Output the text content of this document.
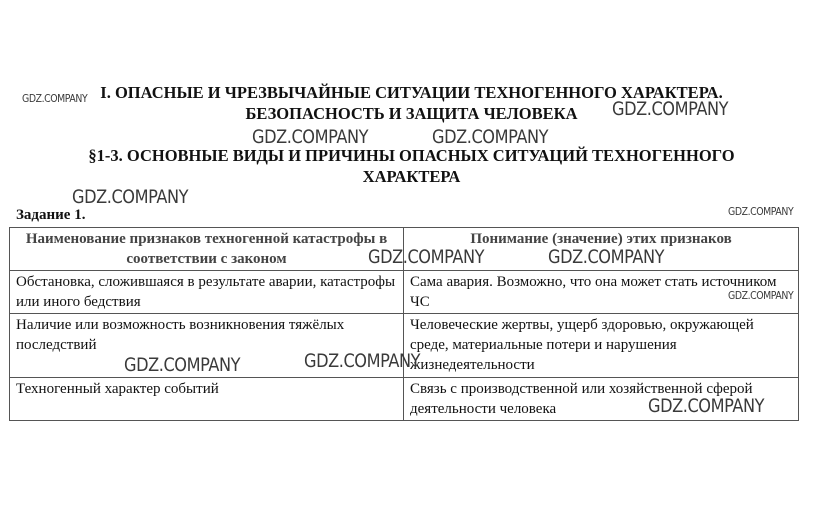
I. ОПАСНЫЕ И ЧРЕЗВЫЧАЙНЫЕ СИТУАЦИИ ТЕХНОГЕННОГО ХАРАКТЕРА.
БЕЗОПАСНОСТЬ И ЗАЩИТА ЧЕЛОВЕКА
§1-3. ОСНОВНЫЕ ВИДЫ И ПРИЧИНЫ ОПАСНЫХ СИТУАЦИЙ ТЕХНОГЕННОГО
ХАРАКТЕРА
Задание 1.
Наименование признаков техногенной катастрофы в соответствии с законом	Понимание (значение) этих признаков
Обстановка, сложившаяся в результате аварии, катастрофы или иного бедствия	Сама авария. Возможно, что она может стать источником ЧС
Наличие или возможность возникновения тяжёлых последствий	Человеческие жертвы, ущерб здоровью, окружающей среде, материальные потери и нарушения жизнедеятельности
Техногенный характер событий	Связь с производственной или хозяйственной сферой деятельности человека
GDZ.COMPANY	GDZ.COMPANY
GDZ.COMPANY	GDZ.COMPANY
GDZ.COMPANY
GDZ.COMPANY
GDZ.COMPANY	GDZ.COMPANY
GDZ.COMPANY
GDZ.COMPANY	GDZ.COMPANY
GDZ.COMPANY
